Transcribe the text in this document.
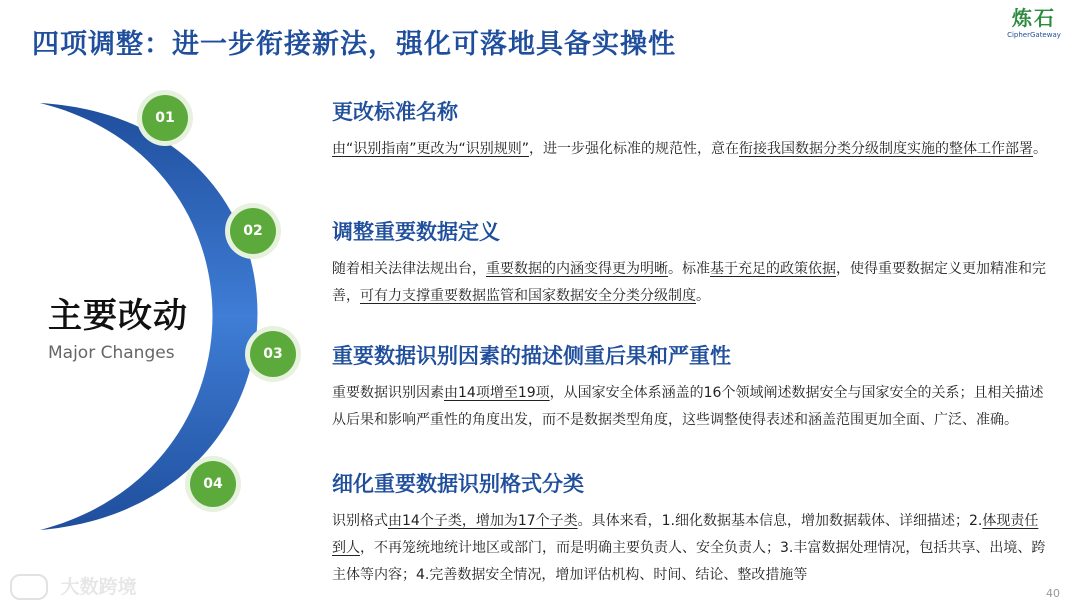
四项调整：进一步衔接新法，强化可落地具备实操性
炼石
CipherGateway
主要改动
Major Changes
01
02
03
04
更改标准名称

由“识别指南”更改为“识别规则”，进一步强化标准的规范性，意在衔接我国数据分类分级制度实施的整体工作部署。

调整重要数据定义

随着相关法律法规出台，重要数据的内涵变得更为明晰。标准基于充足的政策依据，使得重要数据定义更加精准和完善，可有力支撑重要数据监管和国家数据安全分类分级制度。

重要数据识别因素的描述侧重后果和严重性

重要数据识别因素由14项增至19项，从国家安全体系涵盖的16个领域阐述数据安全与国家安全的关系；且相关描述从后果和影响严重性的角度出发，而不是数据类型角度，这些调整使得表述和涵盖范围更加全面、广泛、准确。

细化重要数据识别格式分类

识别格式由14个子类，增加为17个子类。具体来看，1.细化数据基本信息，增加数据载体、详细描述；2.体现责任到人，不再笼统地统计地区或部门，而是明确主要负责人、安全负责人；3.丰富数据处理情况，包括共享、出境、跨主体等内容；4.完善数据安全情况，增加评估机构、时间、结论、整改措施等

40
大数跨境
